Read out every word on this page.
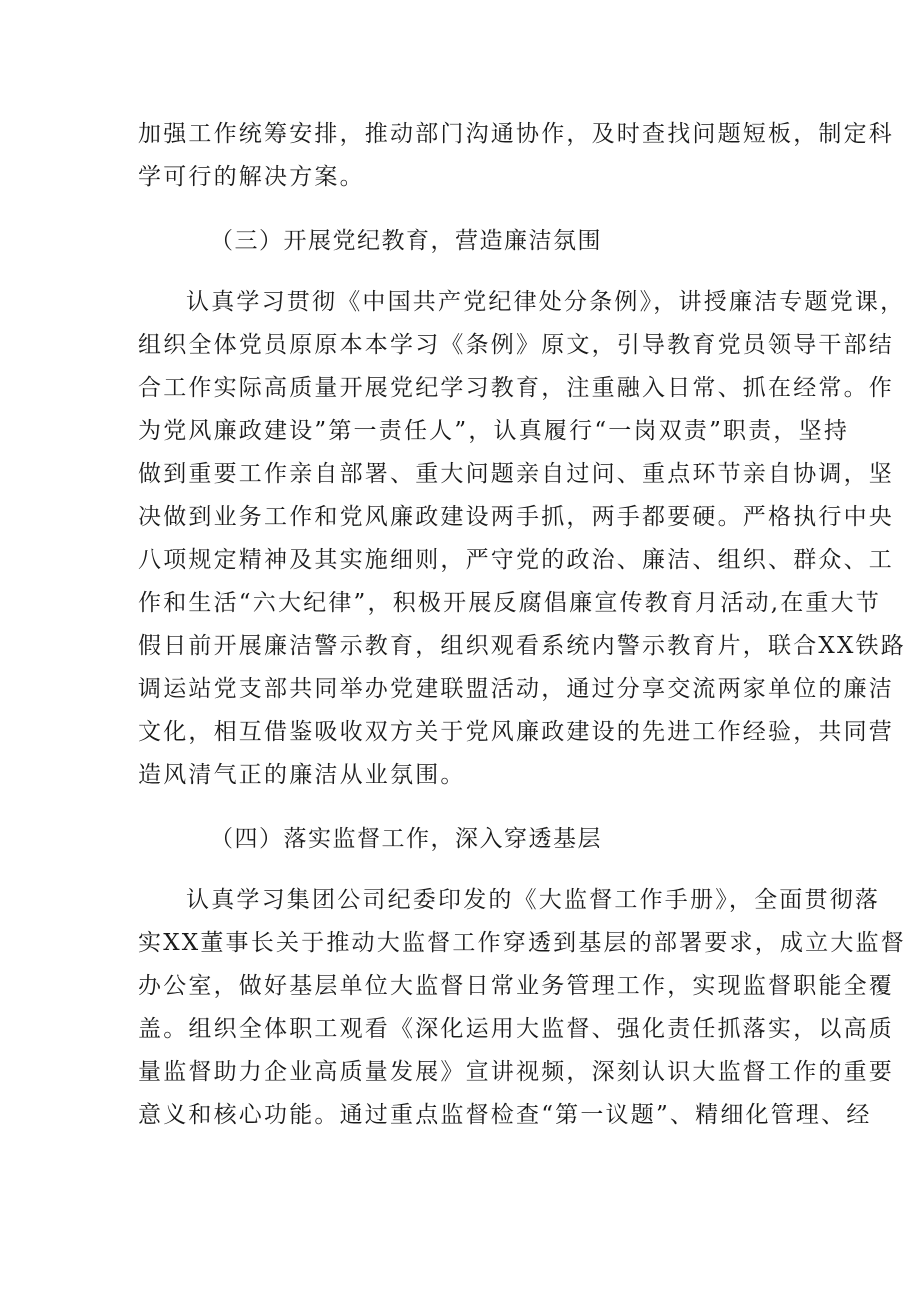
加强工作统筹安排，推动部门沟通协作，及时查找问题短板，制定科
学可行的解决方案。
（三）开展党纪教育，营造廉洁氛围
认真学习贯彻《中国共产党纪律处分条例》，讲授廉洁专题党课，
组织全体党员原原本本学习《条例》原文，引导教育党员领导干部结
合工作实际高质量开展党纪学习教育，注重融入日常、抓在经常。作
为党风廉政建设”第一责任人”，认真履行“一岗双责”职责，坚持
做到重要工作亲自部署、重大问题亲自过问、重点环节亲自协调，坚
决做到业务工作和党风廉政建设两手抓，两手都要硬。严格执行中央
八项规定精神及其实施细则，严守党的政治、廉洁、组织、群众、工
作和生活“六大纪律”，积极开展反腐倡廉宣传教育月活动,在重大节
假日前开展廉洁警示教育，组织观看系统内警示教育片，联合XX铁路
调运站党支部共同举办党建联盟活动，通过分享交流两家单位的廉洁
文化，相互借鉴吸收双方关于党风廉政建设的先进工作经验，共同营
造风清气正的廉洁从业氛围。
（四）落实监督工作，深入穿透基层
认真学习集团公司纪委印发的《大监督工作手册》，全面贯彻落
实XX董事长关于推动大监督工作穿透到基层的部署要求，成立大监督
办公室，做好基层单位大监督日常业务管理工作，实现监督职能全覆
盖。组织全体职工观看《深化运用大监督、强化责任抓落实，以高质
量监督助力企业高质量发展》宣讲视频，深刻认识大监督工作的重要
意义和核心功能。通过重点监督检查“第一议题”、精细化管理、经
